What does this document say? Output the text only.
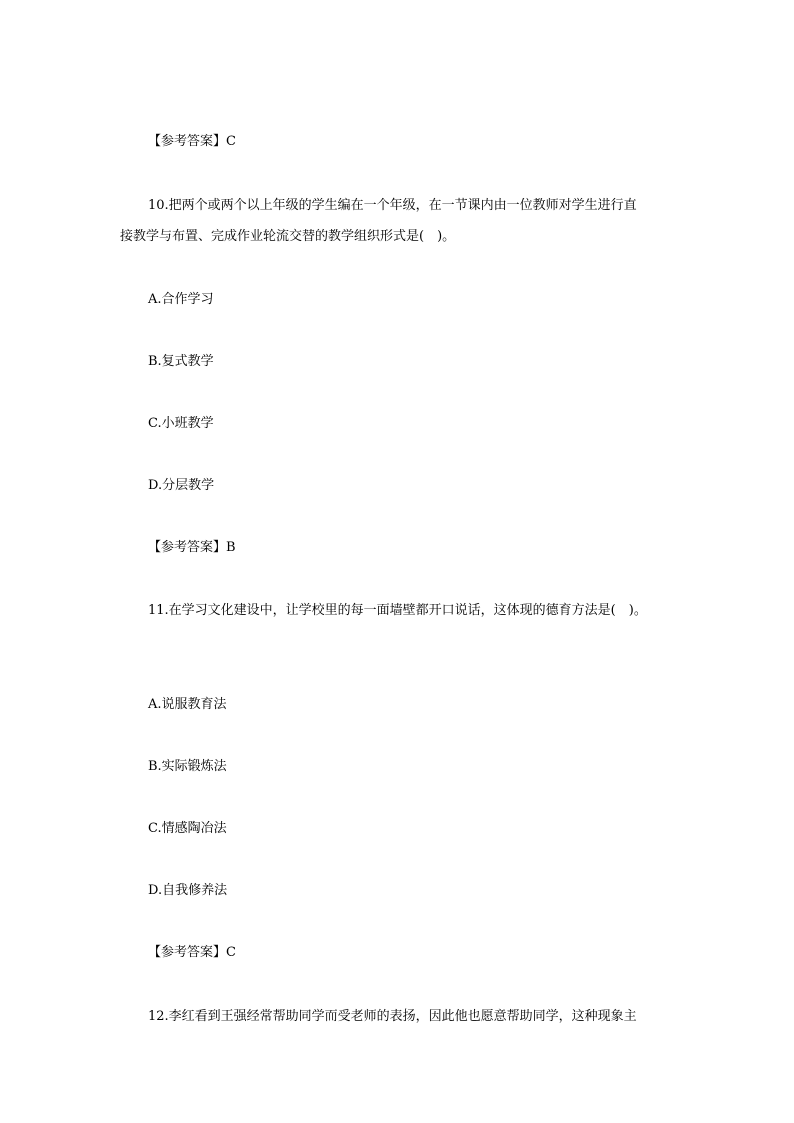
【参考答案】C
10.把两个或两个以上年级的学生编在一个年级，在一节课内由一位教师对学生进行直
接教学与布置、完成作业轮流交替的教学组织形式是(　)。
A.合作学习
B.复式教学
C.小班教学
D.分层教学
【参考答案】B
11.在学习文化建设中，让学校里的每一面墙壁都开口说话，这体现的德育方法是(　)。
A.说服教育法
B.实际锻炼法
C.情感陶冶法
D.自我修养法
【参考答案】C
12.李红看到王强经常帮助同学而受老师的表扬，因此他也愿意帮助同学，这种现象主
